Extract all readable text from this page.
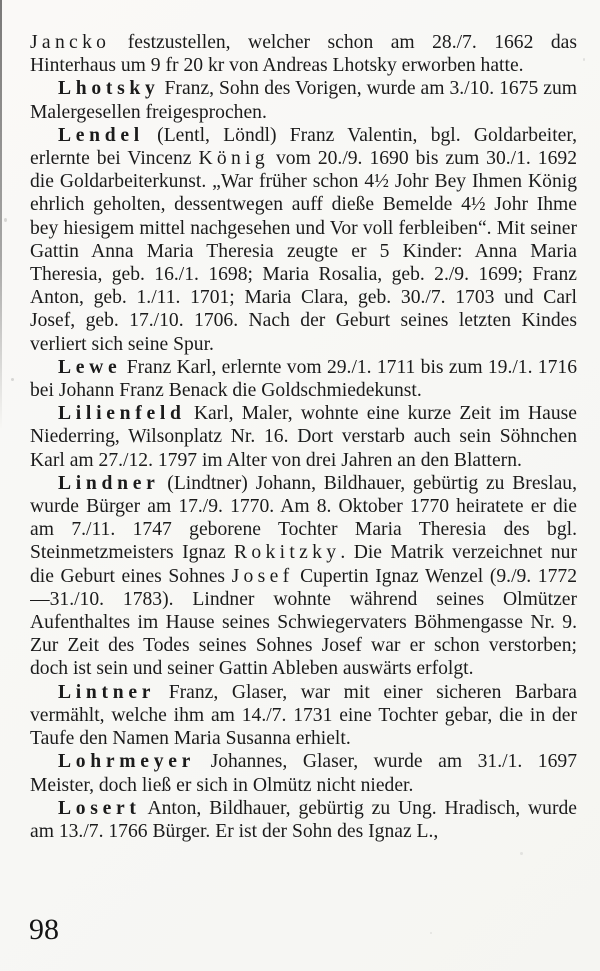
Jancko festzustellen, welcher schon am 28./7. 1662 das Hinterhaus um 9 fr 20 kr von Andreas Lhotsky erworben hatte.

Lhotsky Franz, Sohn des Vorigen, wurde am 3./10. 1675 zum Malergesellen freigesprochen.

Lendel (Lentl, Löndl) Franz Valentin, bgl. Goldarbeiter, erlernte bei Vincenz König vom 20./9. 1690 bis zum 30./1. 1692 die Goldarbeiterkunst. „War früher schon 4½ Johr Bey Ihmen König ehrlich geholten, dessentwegen auff dieße Bemelde 4½ Johr Ihme bey hiesigem mittel nachgesehen und Vor voll ferbleiben“. Mit seiner Gattin Anna Maria Theresia zeugte er 5 Kinder: Anna Maria Theresia, geb. 16./1. 1698; Maria Rosalia, geb. 2./9. 1699; Franz Anton, geb. 1./11. 1701; Maria Clara, geb. 30./7. 1703 und Carl Josef, geb. 17./10. 1706. Nach der Geburt seines letzten Kindes verliert sich seine Spur.

Lewe Franz Karl, erlernte vom 29./1. 1711 bis zum 19./1. 1716 bei Johann Franz Benack die Goldschmiedekunst.

Lilienfeld Karl, Maler, wohnte eine kurze Zeit im Hause Niederring, Wilsonplatz Nr. 16. Dort verstarb auch sein Söhnchen Karl am 27./12. 1797 im Alter von drei Jahren an den Blattern.

Lindner (Lindtner) Johann, Bildhauer, gebürtig zu Breslau, wurde Bürger am 17./9. 1770. Am 8. Oktober 1770 heiratete er die am 7./11. 1747 geborene Tochter Maria Theresia des bgl. Steinmetzmeisters Ignaz Rokitzky. Die Matrik verzeichnet nur die Geburt eines Sohnes Josef Cupertin Ignaz Wenzel (9./9. 1772—31./10. 1783). Lindner wohnte während seines Olmützer Aufenthaltes im Hause seines Schwiegervaters Böhmengasse Nr. 9. Zur Zeit des Todes seines Sohnes Josef war er schon verstorben; doch ist sein und seiner Gattin Ableben auswärts erfolgt.

Lintner Franz, Glaser, war mit einer sicheren Barbara vermählt, welche ihm am 14./7. 1731 eine Tochter gebar, die in der Taufe den Namen Maria Susanna erhielt.

Lohrmeyer Johannes, Glaser, wurde am 31./1. 1697 Meister, doch ließ er sich in Olmütz nicht nieder.

Losert Anton, Bildhauer, gebürtig zu Ung. Hradisch, wurde am 13./7. 1766 Bürger. Er ist der Sohn des Ignaz L.,

98
